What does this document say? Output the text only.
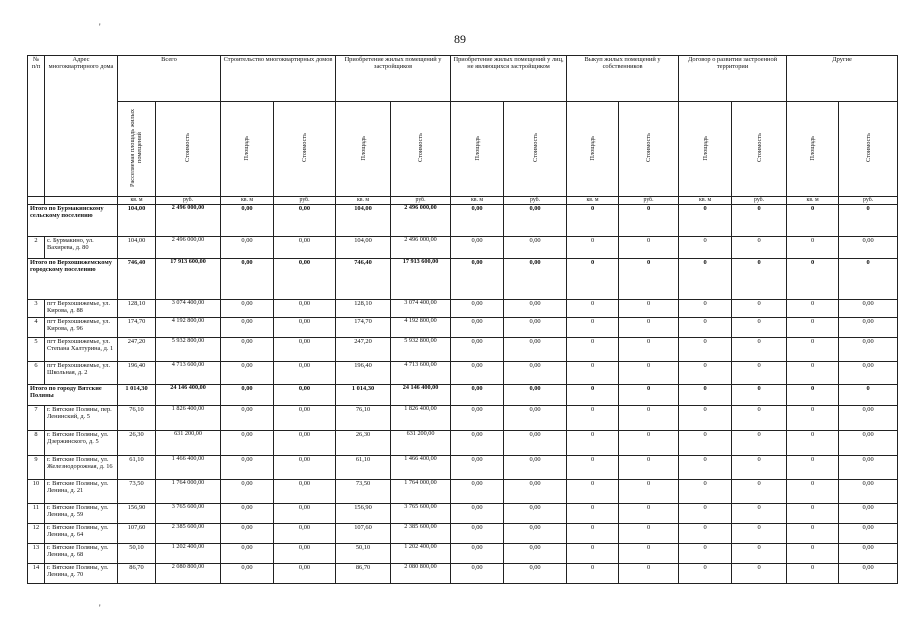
89
'
'
№ п/п	Адрес многоквартирного дома	Всего		Строительство многоквартирных домов		Приобретение жилых помещений у застройщиков		Приобретение жилых помещений у лиц, не являющихся застройщиком		Выкуп жилых помещений у собственников		Договор о развитии застроенной территории		Другие	
		Расселяемая площадь жилых помещений	Стоимость	Площадь	Стоимость	Площадь	Стоимость	Площадь	Стоимость	Площадь	Стоимость	Площадь	Стоимость	Площадь	Стоимость
		кв. м	руб.	кв. м	руб.	кв. м	руб.	кв. м	руб.	кв. м	руб.	кв. м	руб.	кв. м	руб.
Итого по Бурмакинскому сельскому поселению		104,00	2 496 000,00	0,00	0,00	104,00	2 496 000,00	0,00	0,00	0	0	0	0	0	0
2	с. Бурмакино, ул. Вахирева, д. 80	104,00	2 496 000,00	0,00	0,00	104,00	2 496 000,00	0,00	0,00	0	0	0	0	0	0,00
Итого по Верхошижемскому городскому поселению		746,40	17 913 600,00	0,00	0,00	746,40	17 913 600,00	0,00	0,00	0	0	0	0	0	0
3	пгт Верхошижемье, ул. Кирова, д. 88	128,10	3 074 400,00	0,00	0,00	128,10	3 074 400,00	0,00	0,00	0	0	0	0	0	0,00
4	пгт Верхошижемье, ул. Кирова, д. 96	174,70	4 192 800,00	0,00	0,00	174,70	4 192 800,00	0,00	0,00	0	0	0	0	0	0,00
5	пгт Верхошижемье, ул. Степана Халтурина, д. 1	247,20	5 932 800,00	0,00	0,00	247,20	5 932 800,00	0,00	0,00	0	0	0	0	0	0,00
6	пгт Верхошижемье, ул. Школьная, д. 2	196,40	4 713 600,00	0,00	0,00	196,40	4 713 600,00	0,00	0,00	0	0	0	0	0	0,00
Итого по городу Вятские Поляны		1 014,30	24 146 400,00	0,00	0,00	1 014,30	24 146 400,00	0,00	0,00	0	0	0	0	0	0
7	г. Вятские Поляны, пер. Ленинский, д. 5	76,10	1 826 400,00	0,00	0,00	76,10	1 826 400,00	0,00	0,00	0	0	0	0	0	0,00
8	г. Вятские Поляны, ул. Дзержинского, д. 5	26,30	631 200,00	0,00	0,00	26,30	631 200,00	0,00	0,00	0	0	0	0	0	0,00
9	г. Вятские Поляны, ул. Железнодорожная, д. 16	61,10	1 466 400,00	0,00	0,00	61,10	1 466 400,00	0,00	0,00	0	0	0	0	0	0,00
10	г. Вятские Поляны, ул. Ленина, д. 21	73,50	1 764 000,00	0,00	0,00	73,50	1 764 000,00	0,00	0,00	0	0	0	0	0	0,00
11	г. Вятские Поляны, ул. Ленина, д. 59	156,90	3 765 600,00	0,00	0,00	156,90	3 765 600,00	0,00	0,00	0	0	0	0	0	0,00
12	г. Вятские Поляны, ул. Ленина, д. 64	107,60	2 385 600,00	0,00	0,00	107,60	2 385 600,00	0,00	0,00	0	0	0	0	0	0,00
13	г. Вятские Поляны, ул. Ленина, д. 68	50,10	1 202 400,00	0,00	0,00	50,10	1 202 400,00	0,00	0,00	0	0	0	0	0	0,00
14	г. Вятские Поляны, ул. Ленина, д. 70	86,70	2 080 800,00	0,00	0,00	86,70	2 080 800,00	0,00	0,00	0	0	0	0	0	0,00
